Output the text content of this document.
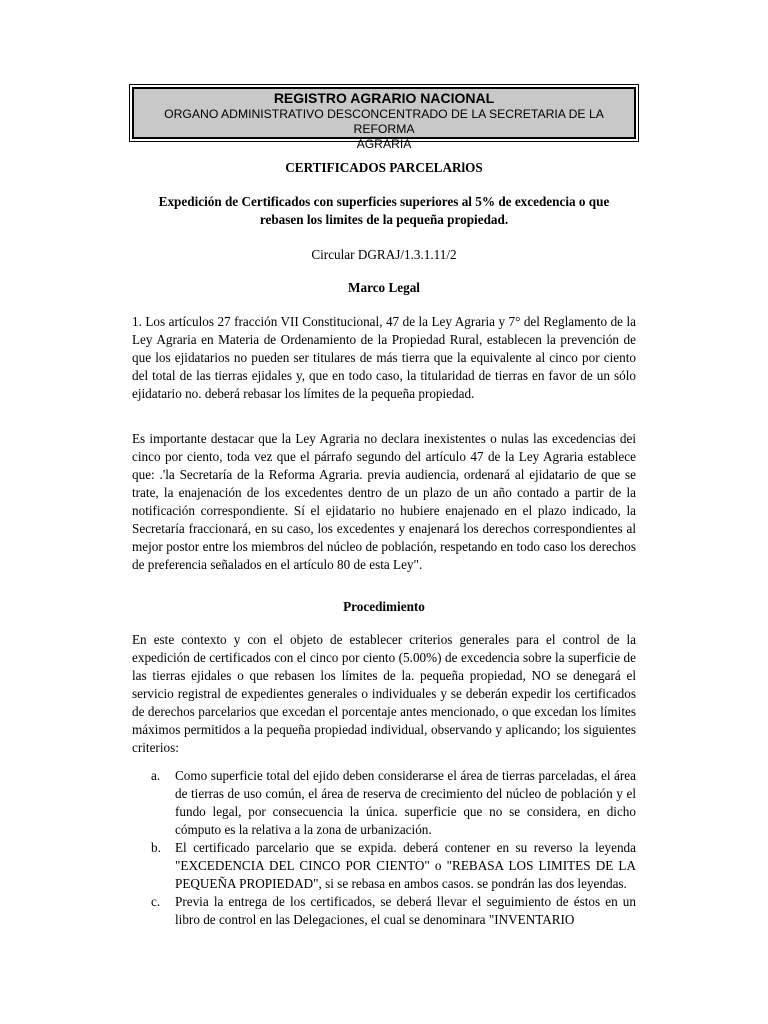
REGISTRO AGRARIO NACIONAL
ORGANO ADMINISTRATIVO DESCONCENTRADO DE LA SECRETARIA DE LA REFORMA
AGRARIA
CERTIFICADOS PARCELARlOS
Expedición de Certificados con superficies superiores al 5% de excedencia o que
rebasen los limites de la pequeña propiedad.
Circular DGRAJ/1.3.1.11/2
Marco Legal
1. Los artículos 27 fracción VII Constitucional, 47 de la Ley Agraria y 7° del Reglamento de la Ley Agraria en Materia de Ordenamiento de la Propiedad Rural, establecen la prevención de que los ejidatarios no pueden ser titulares de más tierra que la equivalente al cinco por ciento del total de las tierras ejidales y, que en todo caso, la titularidad de tierras en favor de un sólo ejidatario no. deberá rebasar los límites de la pequeña propiedad.
Es importante destacar que la Ley Agraria no declara inexistentes o nulas las excedencias dei cinco por ciento, toda vez que el párrafo segundo del artículo 47 de la Ley Agraria establece que: .'la Secretaría de la Reforma Agraria. previa audiencia, ordenará al ejidatario de que se trate, la enajenación de los excedentes dentro de un plazo de un año contado a partir de la notificación correspondiente. Sí el ejidatario no hubiere enajenado en el plazo indicado, la Secretaría fraccionará, en su caso, los excedentes y enajenará los derechos correspondientes al mejor postor entre los miembros del núcleo de población, respetando en todo caso los derechos de preferencia señalados en el artículo 80 de esta Ley".
Procedimiento
En este contexto y con el objeto de establecer criterios generales para el control de la expedición de certificados con el cinco por ciento (5.00%) de excedencia sobre la superficie de las tierras ejidales o que rebasen los límites de la. pequeña propiedad, NO se denegará el servicio registral de expedientes generales o individuales y se deberán expedir los certificados de derechos parcelarios que excedan el porcentaje antes mencionado, o que excedan los límites máximos permitidos a la pequeña propiedad individual, observando y aplicando; los siguientes criterios:
a. Como superficie total del ejido deben considerarse el área de tierras parceladas, el área de tierras de uso común, el área de reserva de crecimiento del núcleo de población y el fundo legal, por consecuencia la única. superficie que no se considera, en dicho cómputo es la relativa a la zona de urbanización.
b. El certificado parcelario que se expida. deberá contener en su reverso la leyenda "EXCEDENCIA DEL CINCO POR CIENTO" o "REBASA LOS LIMITES DE LA PEQUEÑA PROPIEDAD", si se rebasa en ambos casos. se pondrán las dos leyendas.
c. Previa la entrega de los certificados, se deberá llevar el seguimiento de éstos en un libro de control en las Delegaciones, el cual se denominara "INVENTARIO
